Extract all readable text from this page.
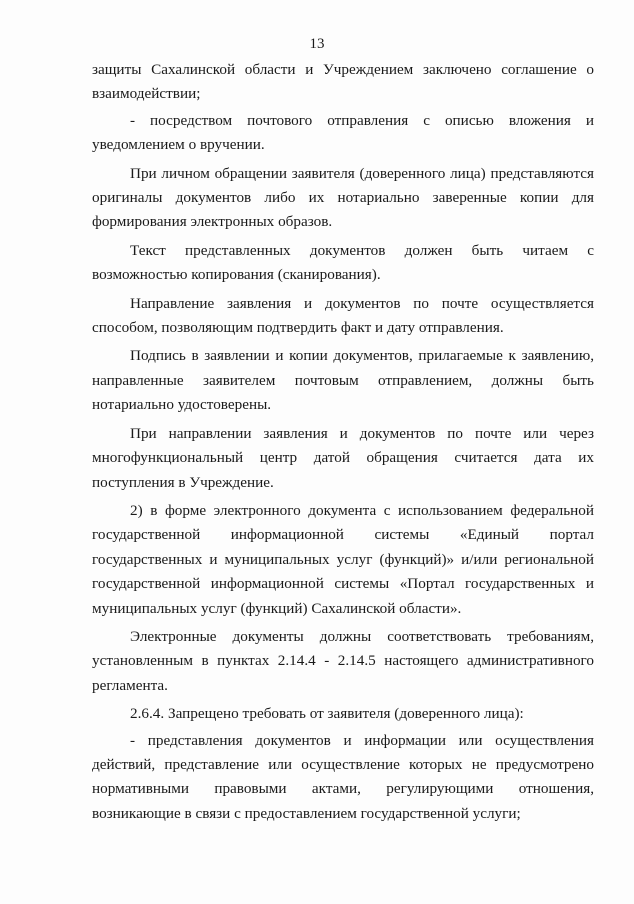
13

защиты Сахалинской области и Учреждением заключено соглашение о взаимодействии;

- посредством почтового отправления с описью вложения и уведомлением о вручении.

При личном обращении заявителя (доверенного лица) представляются оригиналы документов либо их нотариально заверенные копии для формирования электронных образов.

Текст представленных документов должен быть читаем с возможностью копирования (сканирования).

Направление заявления и документов по почте осуществляется способом, позволяющим подтвердить факт и дату отправления.

Подпись в заявлении и копии документов, прилагаемые к заявлению, направленные заявителем почтовым отправлением, должны быть нотариально удостоверены.

При направлении заявления и документов по почте или через многофункциональный центр датой обращения считается дата их поступления в Учреждение.

2) в форме электронного документа с использованием федеральной государственной информационной системы «Единый портал государственных и муниципальных услуг (функций)» и/или региональной государственной информационной системы «Портал государственных и муниципальных услуг (функций) Сахалинской области».

Электронные документы должны соответствовать требованиям, установленным в пунктах 2.14.4 - 2.14.5 настоящего административного регламента.

2.6.4. Запрещено требовать от заявителя (доверенного лица):

- представления документов и информации или осуществления действий, представление или осуществление которых не предусмотрено нормативными правовыми актами, регулирующими отношения, возникающие в связи с предоставлением государственной услуги;
